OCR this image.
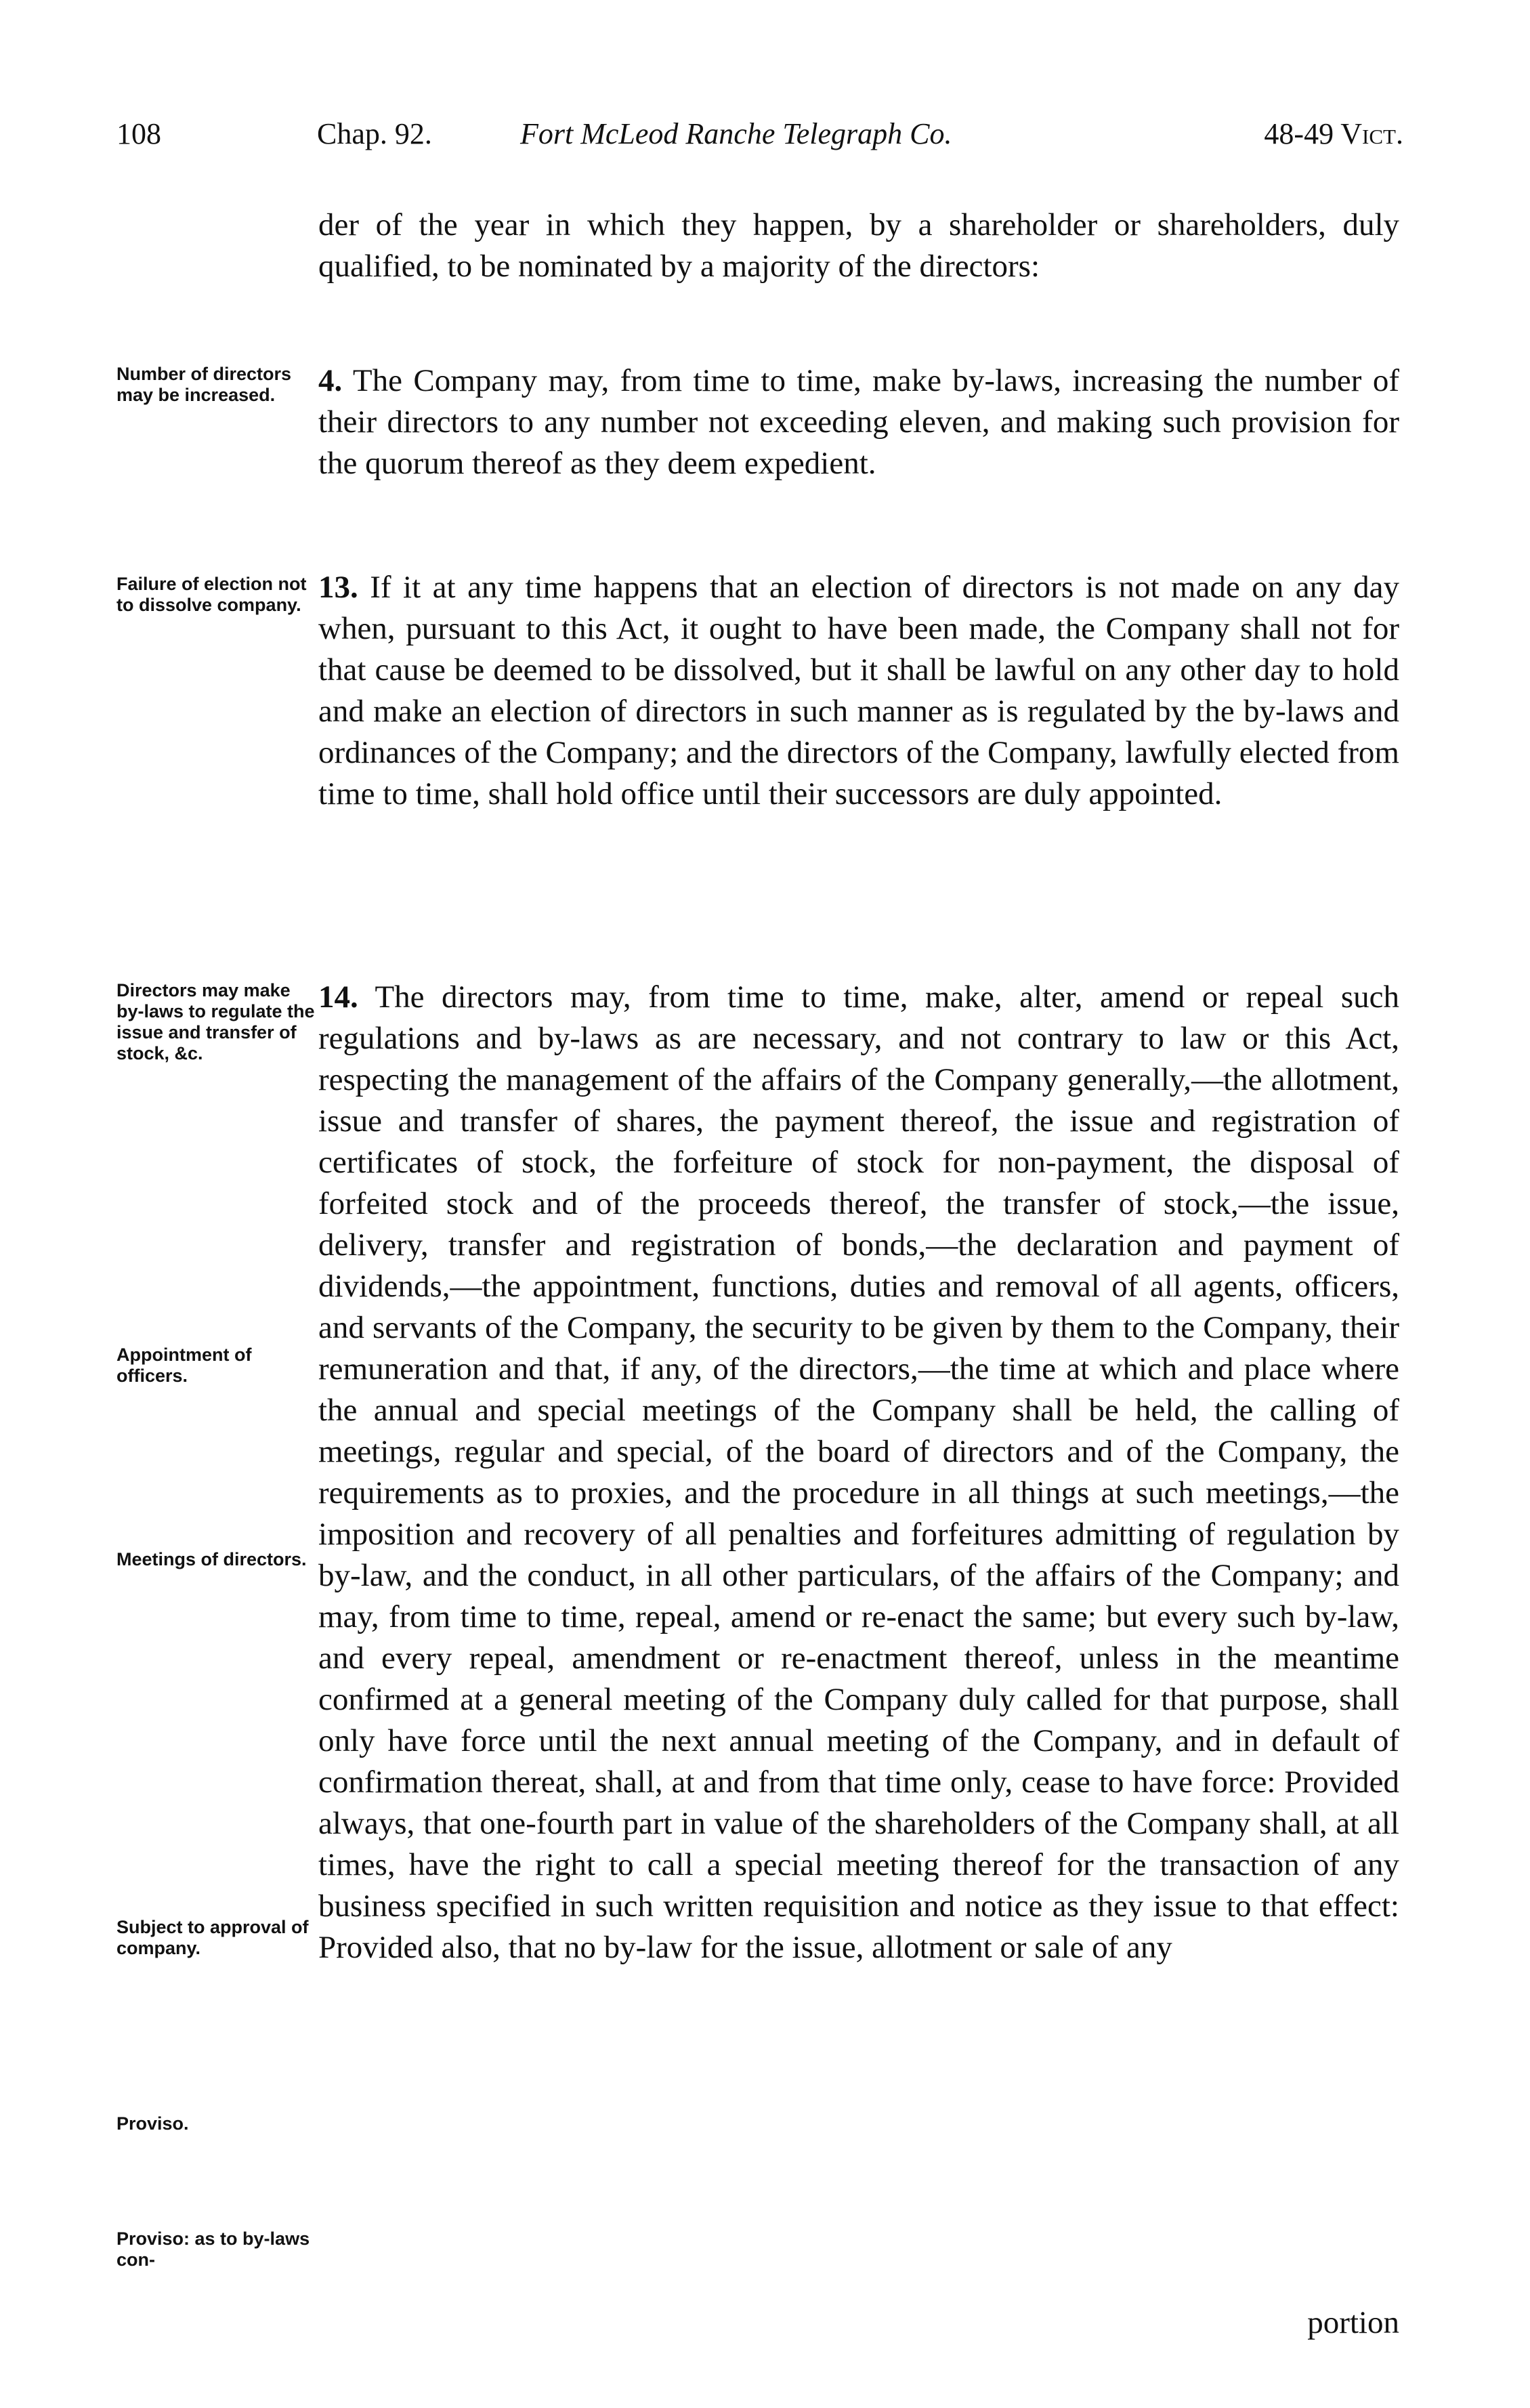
108	Chap. 92.	Fort McLeod Ranche Telegraph Co.	48-49 Vict.
der of the year in which they happen, by a shareholder or shareholders, duly qualified, to be nominated by a majority of the directors:
Number of directors may be increased.	4. The Company may, from time to time, make by-laws, increasing the number of their directors to any number not exceeding eleven, and making such provision for the quorum thereof as they deem expedient.
Failure of election not to dissolve company. 13. If it at any time happens that an election of directors is not made on any day when, pursuant to this Act, it ought to have been made, the Company shall not for that cause be deemed to be dissolved, but it shall be lawful on any other day to hold and make an election of directors in such manner as is regulated by the by-laws and ordinances of the Company; and the directors of the Company, lawfully elected from time to time, shall hold office until their successors are duly appointed.
Directors may make by-laws to regulate the issue and transfer of stock, &c.
Appointment of officers.
Meetings of directors.
Subject to approval of company.
Proviso.
Proviso: as to by-laws con-
14. The directors may, from time to time, make, alter, amend or repeal such regulations and by-laws as are necessary, and not contrary to law or this Act, respecting the management of the affairs of the Company generally,—the allotment, issue and transfer of shares, the payment thereof, the issue and registration of certificates of stock, the forfeiture of stock for non-payment, the disposal of forfeited stock and of the proceeds thereof, the transfer of stock,—the issue, delivery, transfer and registration of bonds,—the declaration and payment of dividends,—the appointment, functions, duties and removal of all agents, officers, and servants of the Company, the security to be given by them to the Company, their remuneration and that, if any, of the directors,—the time at which and place where the annual and special meetings of the Company shall be held, the calling of meetings, regular and special, of the board of directors and of the Company, the requirements as to proxies, and the procedure in all things at such meetings,—the imposition and recovery of all penalties and forfeitures admitting of regulation by by-law, and the conduct, in all other particulars, of the affairs of the Company; and may, from time to time, repeal, amend or re-enact the same; but every such by-law, and every repeal, amendment or re-enactment thereof, unless in the meantime confirmed at a general meeting of the Company duly called for that purpose, shall only have force until the next annual meeting of the Company, and in default of confirmation thereat, shall, at and from that time only, cease to have force: Provided always, that one-fourth part in value of the shareholders of the Company shall, at all times, have the right to call a special meeting thereof for the transaction of any business specified in such written requisition and notice as they issue to that effect: Provided also, that no by-law for the issue, allotment or sale of any
portion
